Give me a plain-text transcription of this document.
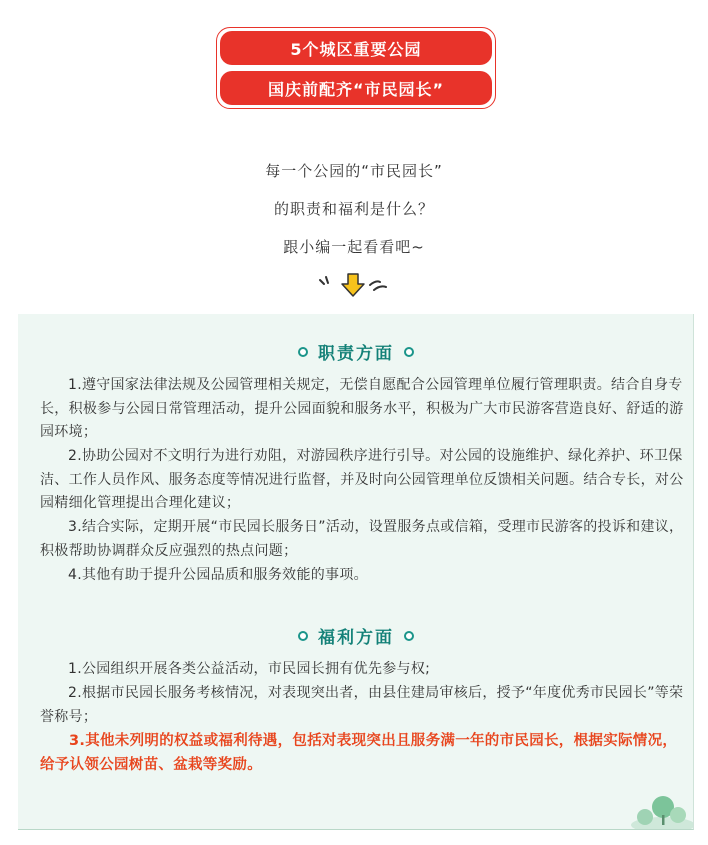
5个城区重要公园
国庆前配齐“市民园长”
每一个公园的“市民园长”
的职责和福利是什么？
跟小编一起看看吧~
职责方面

1.遵守国家法律法规及公园管理相关规定，无偿自愿配合公园管理单位履行管理职责。结合自身专长，积极参与公园日常管理活动，提升公园面貌和服务水平，积极为广大市民游客营造良好、舒适的游园环境；

2.协助公园对不文明行为进行劝阻，对游园秩序进行引导。对公园的设施维护、绿化养护、环卫保洁、工作人员作风、服务态度等情况进行监督，并及时向公园管理单位反馈相关问题。结合专长，对公园精细化管理提出合理化建议；

3.结合实际，定期开展“市民园长服务日”活动，设置服务点或信箱，受理市民游客的投诉和建议，积极帮助协调群众反应强烈的热点问题；

4.其他有助于提升公园品质和服务效能的事项。

福利方面

1.公园组织开展各类公益活动，市民园长拥有优先参与权;

2.根据市民园长服务考核情况，对表现突出者，由县住建局审核后，授予“年度优秀市民园长”等荣誉称号；

3.其他未列明的权益或福利待遇，包括对表现突出且服务满一年的市民园长，根据实际情况，给予认领公园树苗、盆栽等奖励。
